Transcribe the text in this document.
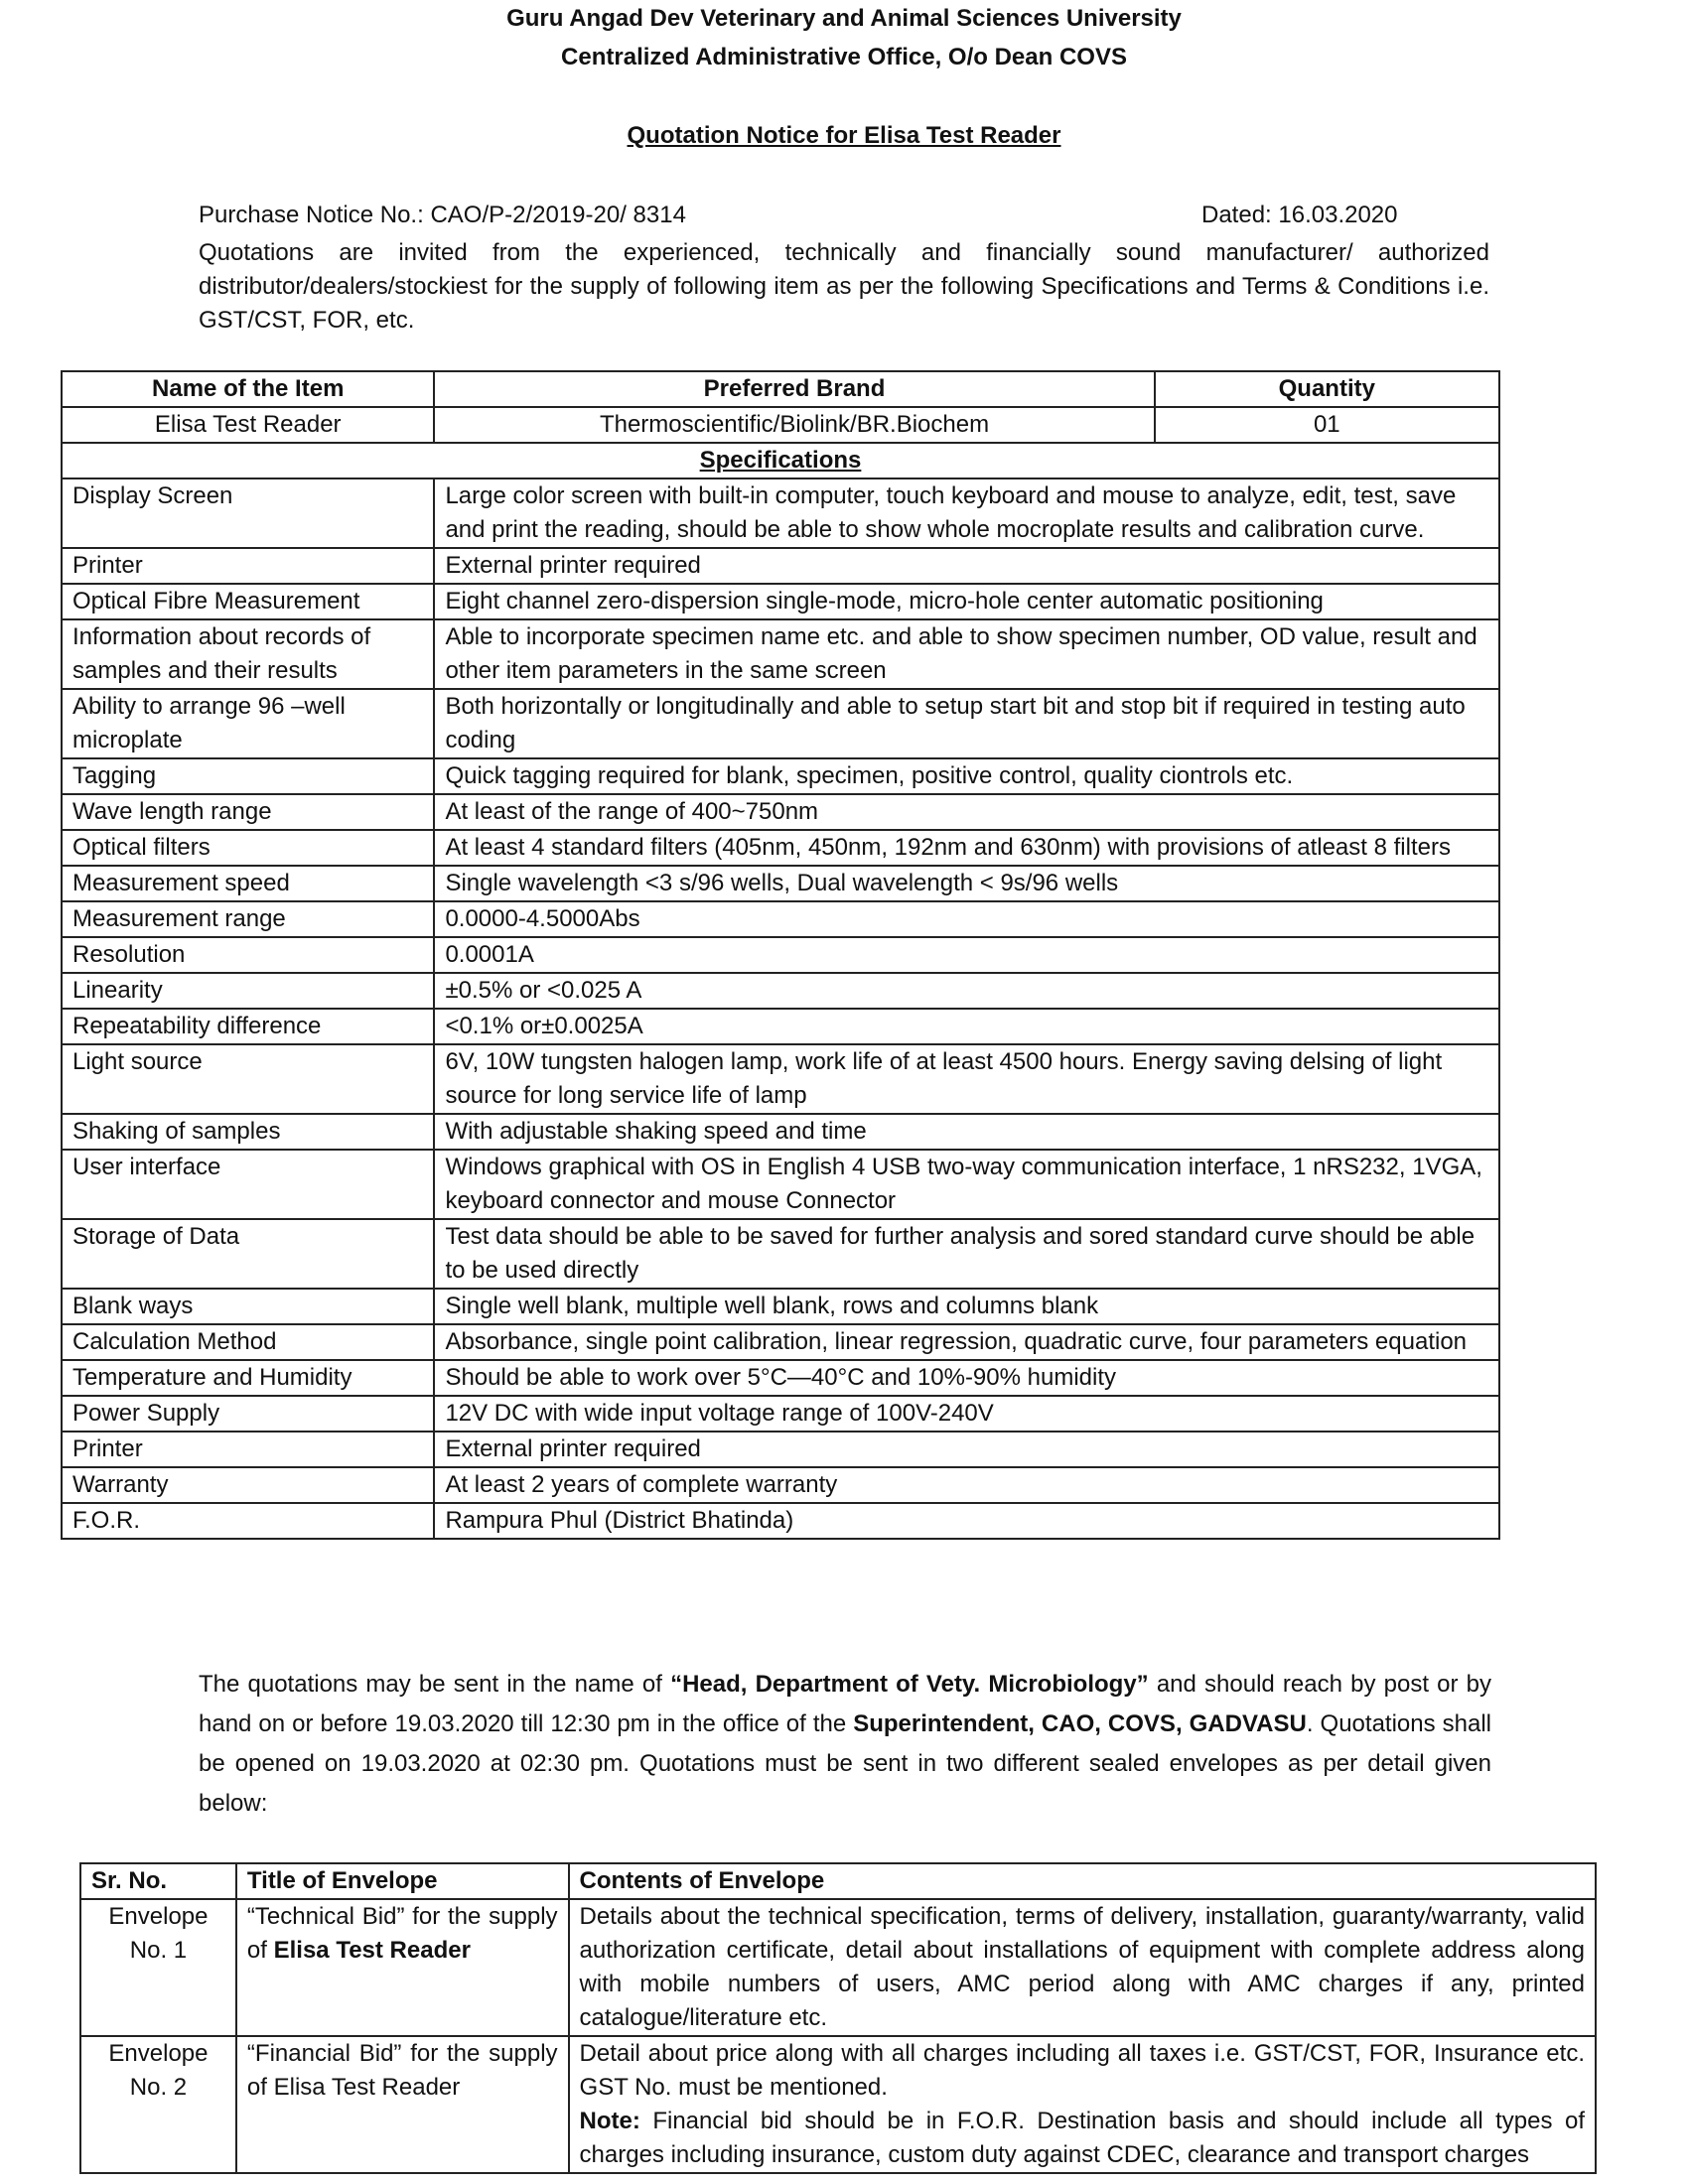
Guru Angad Dev Veterinary and Animal Sciences University
Centralized Administrative Office, O/o Dean COVS
Quotation Notice for Elisa Test Reader
Purchase Notice No.: CAO/P-2/2019-20/ 8314	Dated: 16.03.2020
Quotations are invited from the experienced, technically and financially sound manufacturer/ authorized distributor/dealers/stockiest for the supply of following item as per the following Specifications and Terms & Conditions i.e. GST/CST, FOR, etc.
Name of the Item	Preferred Brand	Quantity
Elisa Test Reader	Thermoscientific/Biolink/BR.Biochem	01
Specifications		
Display Screen	Large color screen with built-in computer, touch keyboard and mouse to analyze, edit, test, save and print the reading, should be able to show whole mocroplate results and calibration curve.	
Printer	External printer required	
Optical Fibre Measurement	Eight channel zero-dispersion single-mode, micro-hole center automatic positioning	
Information about records of samples and their results	Able to incorporate specimen name etc. and able to show specimen number, OD value, result and other item parameters in the same screen	
Ability to arrange 96 –well microplate	Both horizontally or longitudinally and able to setup start bit and stop bit if required in testing auto coding	
Tagging	Quick tagging required for blank, specimen, positive control, quality ciontrols etc.	
Wave length range	At least of the range of 400~750nm	
Optical filters	At least 4 standard filters (405nm, 450nm, 192nm and 630nm) with provisions of atleast 8 filters	
Measurement speed	Single wavelength <3 s/96 wells, Dual wavelength < 9s/96 wells	
Measurement range	0.0000-4.5000Abs	
Resolution	0.0001A	
Linearity	±0.5% or <0.025 A	
Repeatability difference	<0.1% or±0.0025A	
Light source	6V, 10W tungsten halogen lamp, work life of at least 4500 hours. Energy saving delsing of light source for long service life of lamp	
Shaking of samples	With adjustable shaking speed and time	
User interface	Windows graphical with OS in English 4 USB two-way communication interface, 1 nRS232, 1VGA, keyboard connector and mouse Connector	
Storage of Data	Test data should be able to be saved for further analysis and sored standard curve should be able to be used directly	
Blank ways	Single well blank, multiple well blank, rows and columns blank	
Calculation Method	Absorbance, single point calibration, linear regression, quadratic curve, four parameters equation	
Temperature and Humidity	Should be able to work over 5°C—40°C and 10%-90% humidity	
Power Supply	12V DC with wide input voltage range of 100V-240V	
Printer	External printer required	
Warranty	At least 2 years of complete warranty	
F.O.R.	Rampura Phul (District Bhatinda)	
The quotations may be sent in the name of “Head, Department of Vety. Microbiology” and should reach by post or by hand on or before 19.03.2020 till 12:30 pm in the office of the Superintendent, CAO, COVS, GADVASU. Quotations shall be opened on 19.03.2020 at 02:30 pm. Quotations must be sent in two different sealed envelopes as per detail given below:
Sr. No.	Title of Envelope	Contents of Envelope
Envelope No. 1	“Technical Bid” for the supply of Elisa Test Reader	Details about the technical specification, terms of delivery, installation, guaranty/warranty, valid authorization certificate, detail about installations of equipment with complete address along with mobile numbers of users, AMC period along with AMC charges if any, printed catalogue/literature etc.
Envelope No. 2	“Financial Bid” for the supply of Elisa Test Reader	Detail about price along with all charges including all taxes i.e. GST/CST, FOR, Insurance etc. GST No. must be mentioned.
Note: Financial bid should be in F.O.R. Destination basis and should include all types of charges including insurance, custom duty against CDEC, clearance and transport charges
